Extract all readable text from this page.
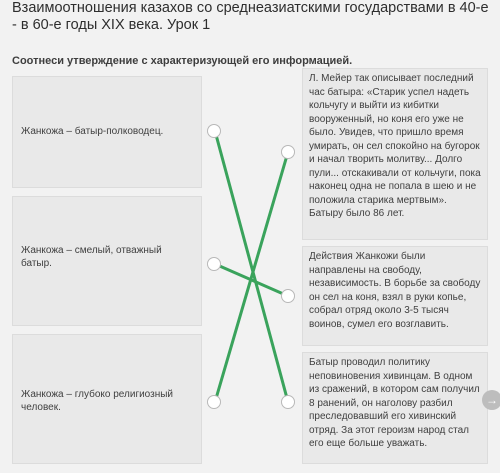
Взаимоотношения казахов со среднеазиатскими государствами в 40-е - в 60-е годы XIX века. Урок 1
Соотнеси утверждение с характеризующей его информацией.
Жанкожа – батыр-полководец.
Жанкожа – смелый, отважный батыр.
Жанкожа – глубоко религиозный человек.
Л. Мейер так описывает последний час батыра: «Старик успел надеть кольчугу и выйти из кибитки вооруженный, но коня его уже не было. Увидев, что пришло время умирать, он сел спокойно на бугорок и начал творить молитву... Долго пули... отскакивали от кольчуги, пока наконец одна не попала в шею и не положила старика мертвым». Батыру было 86 лет.
Действия Жанкожи были направлены на свободу, независимость. В борьбе за свободу он сел на коня, взял в руки копье, собрал отряд около 3-5 тысяч воинов, сумел его возглавить.
Батыр проводил политику неповиновения хивинцам. В одном из сражений, в котором сам получил 8 ранений, он наголову разбил преследовавший его хивинский отряд. За этот героизм народ стал его еще больше уважать.
→
